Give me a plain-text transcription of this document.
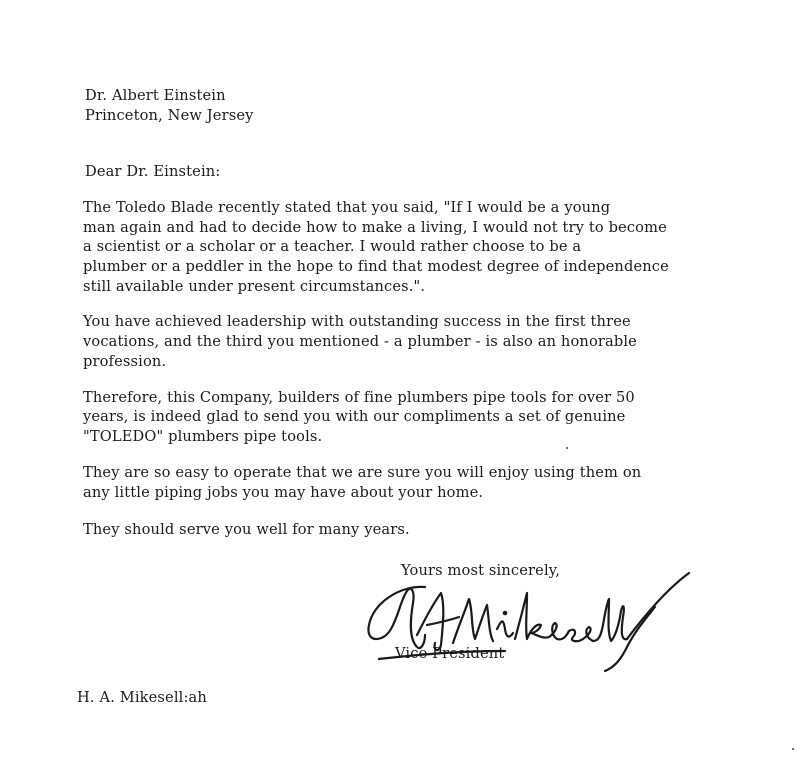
Dr. Albert Einstein
Princeton, New Jersey
Dear Dr. Einstein:
The Toledo Blade recently stated that you said, "If I would be a young
man again and had to decide how to make a living, I would not try to become
a scientist or a scholar or a teacher. I would rather choose to be a
plumber or a peddler in the hope to find that modest degree of independence
still available under present circumstances.".
You have achieved leadership with outstanding success in the first three
vocations, and the third you mentioned - a plumber - is also an honorable
profession.
Therefore, this Company, builders of fine plumbers pipe tools for over 50
years, is indeed glad to send you with our compliments a set of genuine
"TOLEDO" plumbers pipe tools.
They are so easy to operate that we are sure you will enjoy using them on
any little piping jobs you may have about your home.
They should serve you well for many years.
Yours most sincerely,
Vice President
H. A. Mikesell:ah
